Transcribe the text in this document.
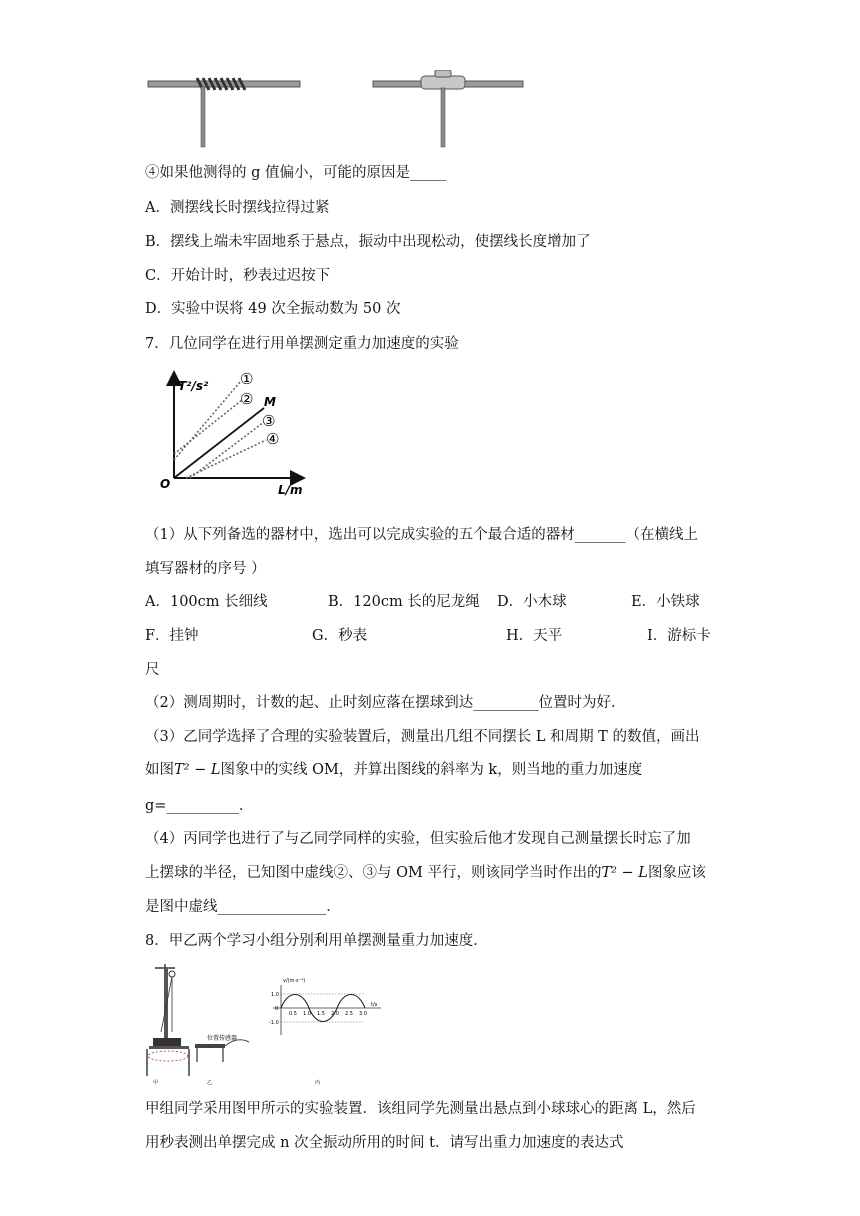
④如果他测得的 g 值偏小，可能的原因是_____
A．测摆线长时摆线拉得过紧
B．摆线上端未牢固地系于悬点，振动中出现松动，使摆线长度增加了
C．开始计时，秒表过迟按下
D．实验中误将 49 次全振动数为 50 次
7．几位同学在进行用单摆测定重力加速度的实验
T²/s²
L/m
O
M
①
②
③
④
（1）从下列备选的器材中，选出可以完成实验的五个最合适的器材_______（在横线上
填写器材的序号 ）
A．100cm 长细线	B．120cm 长的尼龙绳 D．小木球	E．小铁球
F．挂钟	G．秒表	H．天平	I．游标卡
尺
（2）测周期时，计数的起、止时刻应落在摆球到达_________位置时为好．
（3）乙同学选择了合理的实验装置后，测量出几组不同摆长 L 和周期 T 的数值，画出
如图T² − L图象中的实线 OM，并算出图线的斜率为 k，则当地的重力加速度
g=__________．
（4）丙同学也进行了与乙同学同样的实验，但实验后他才发现自己测量摆长时忘了加
上摆球的半径，已知图中虚线②、③与 OM 平行，则该同学当时作出的T² − L图象应该
是图中虚线_______________．
8．甲乙两个学习小组分别利用单摆测量重力加速度．
位置传感器
v/(m·s⁻¹)
t/s
1.0
0
-1.0
0.5 1.0 1.5 2.0 2.5 3.0
甲	乙	丙
甲组同学采用图甲所示的实验装置．该组同学先测量出悬点到小球球心的距离 L，然后
用秒表测出单摆完成 n 次全振动所用的时间 t．请写出重力加速度的表达式
